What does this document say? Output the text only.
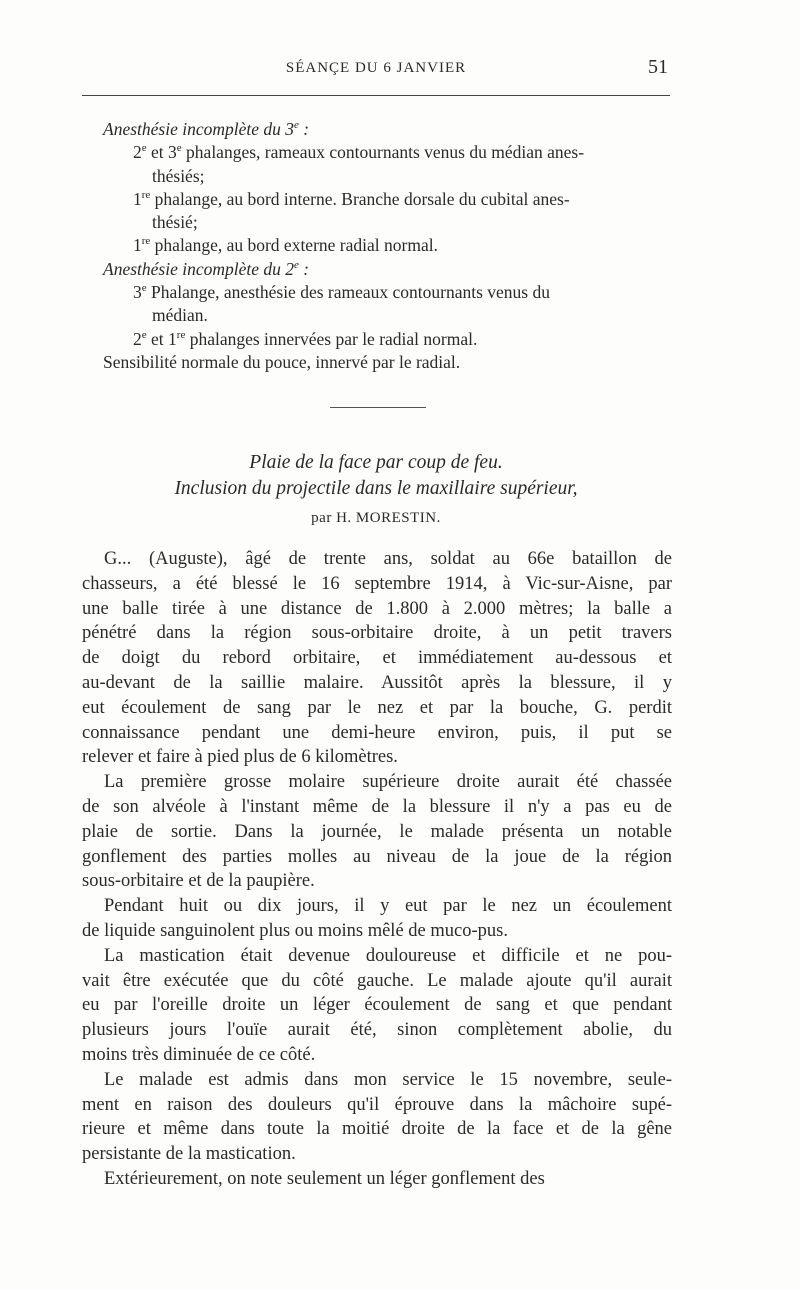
SÉANÇE DU 6 JANVIER	51
Anesthésie incomplète du 3e :
2e et 3e phalanges, rameaux contournants venus du médian anes-
thésiés;
1re phalange, au bord interne. Branche dorsale du cubital anes-
thésié;
1re phalange, au bord externe radial normal.
Anesthésie incomplète du 2e :
3e Phalange, anesthésie des rameaux contournants venus du
médian.
2e et 1re phalanges innervées par le radial normal.
Sensibilité normale du pouce, innervé par le radial.
Plaie de la face par coup de feu.
Inclusion du projectile dans le maxillaire supérieur,
par H. MORESTIN.
G... (Auguste), âgé de trente ans, soldat au 66e bataillon de
chasseurs, a été blessé le 16 septembre 1914, à Vic-sur-Aisne, par
une balle tirée à une distance de 1.800 à 2.000 mètres; la balle a
pénétré dans la région sous-orbitaire droite, à un petit travers
de doigt du rebord orbitaire, et immédiatement au-dessous et
au-devant de la saillie malaire. Aussitôt après la blessure, il y
eut écoulement de sang par le nez et par la bouche, G. perdit
connaissance pendant une demi-heure environ, puis, il put se
relever et faire à pied plus de 6 kilomètres.
La première grosse molaire supérieure droite aurait été chassée
de son alvéole à l'instant même de la blessure il n'y a pas eu de
plaie de sortie. Dans la journée, le malade présenta un notable
gonflement des parties molles au niveau de la joue de la région
sous-orbitaire et de la paupière.
Pendant huit ou dix jours, il y eut par le nez un écoulement
de liquide sanguinolent plus ou moins mêlé de muco-pus.
La mastication était devenue douloureuse et difficile et ne pou-
vait être exécutée que du côté gauche. Le malade ajoute qu'il aurait
eu par l'oreille droite un léger écoulement de sang et que pendant
plusieurs jours l'ouïe aurait été, sinon complètement abolie, du
moins très diminuée de ce côté.
Le malade est admis dans mon service le 15 novembre, seule-
ment en raison des douleurs qu'il éprouve dans la mâchoire supé-
rieure et même dans toute la moitié droite de la face et de la gêne
persistante de la mastication.
Extérieurement, on note seulement un léger gonflement des
